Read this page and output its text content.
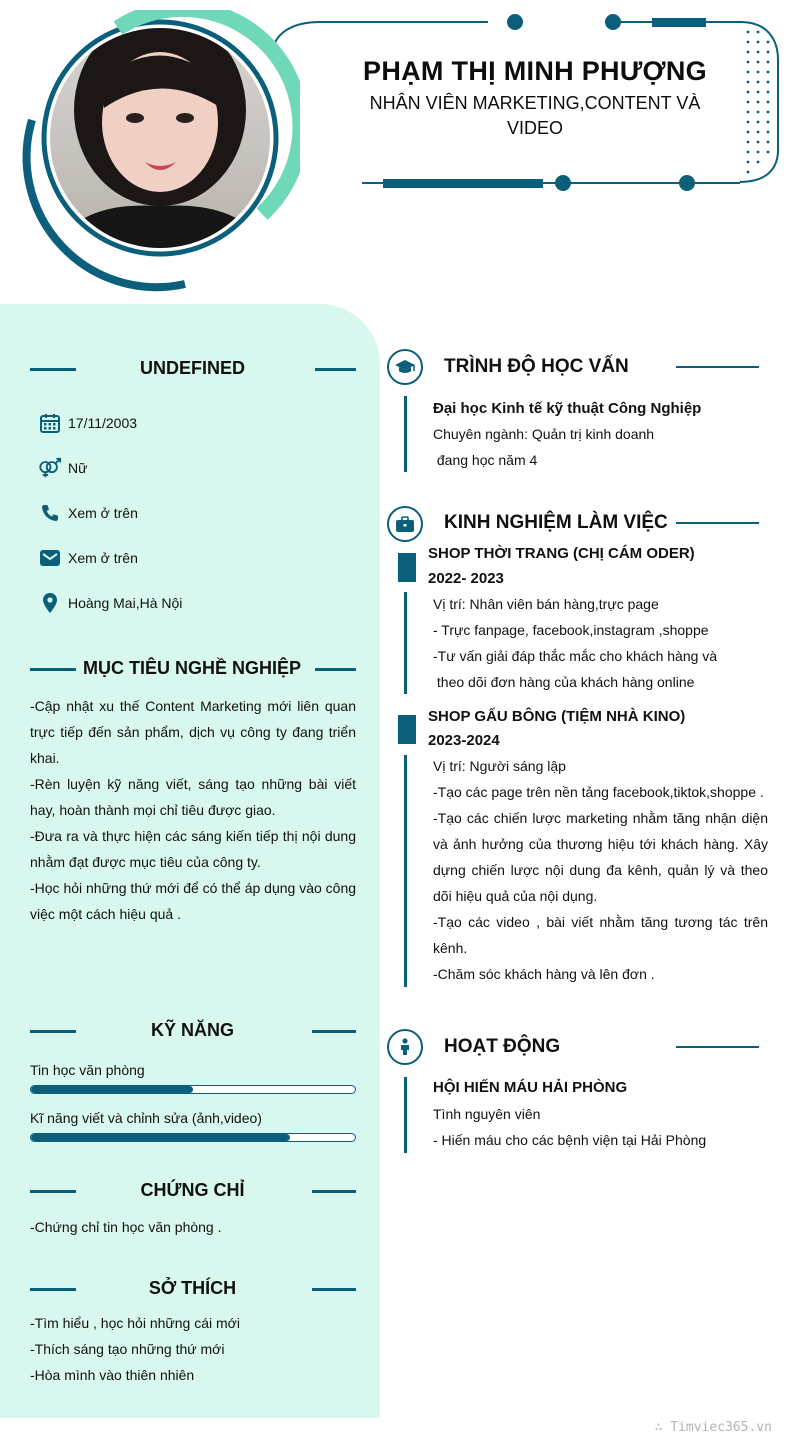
PHẠM THỊ MINH PHƯỢNG
NHÂN VIÊN MARKETING,CONTENT VÀ VIDEO
UNDEFINED
17/11/2003
Nữ
Xem ở trên
Xem ở trên
Hoàng Mai,Hà Nội
MỤC TIÊU NGHỀ NGHIỆP

-Cập nhật xu thế Content Marketing mới liên quan trực tiếp đến sản phẩm, dịch vụ công ty đang triển khai.

-Rèn luyện kỹ năng viết, sáng tạo những bài viết hay, hoàn thành mọi chỉ tiêu được giao.

-Đưa ra và thực hiện các sáng kiến tiếp thị nội dung nhằm đạt được mục tiêu của công ty.

-Học hỏi những thứ mới để có thể áp dụng vào công việc một cách hiệu quả .

KỸ NĂNG
Tin học văn phòng
Kĩ năng viết và chỉnh sửa (ảnh,video)
CHỨNG CHỈ
-Chứng chỉ tin học văn phòng .
SỞ THÍCH

-Tìm hiểu , học hỏi những cái mới

-Thích sáng tạo những thứ mới

-Hòa mình vào thiên nhiên

TRÌNH ĐỘ HỌC VẤN
Đại học Kinh tế kỹ thuật Công Nghiệp
Chuyên ngành: Quản trị kinh doanh
đang học năm 4
KINH NGHIỆM LÀM VIỆC
SHOP THỜI TRANG (CHỊ CÁM ODER)
2022- 2023
Vị trí: Nhân viên bán hàng,trực page
- Trực fanpage, facebook,instagram ,shoppe
-Tư vấn giải đáp thắc mắc cho khách hàng và
theo dõi đơn hàng của khách hàng online
SHOP GẤU BÔNG (TIỆM NHÀ KINO)
2023-2024
Vị trí: Người sáng lập
-Tạo các page trên nền tảng facebook,tiktok,shoppe .
-Tạo các chiến lược marketing nhằm tăng nhận diện và ảnh hưởng của thương hiệu tới khách hàng. Xây dựng chiến lược nội dung đa kênh, quản lý và theo dõi hiệu quả của nội dụng.
-Tạo các video , bài viết nhằm tăng tương tác trên kênh.
-Chăm sóc khách hàng và lên đơn .
HOẠT ĐỘNG
HỘI HIẾN MÁU HẢI PHÒNG
Tình nguyên viên
- Hiến máu cho các bệnh viện tại Hải Phòng
∴ Timviec365.vn
